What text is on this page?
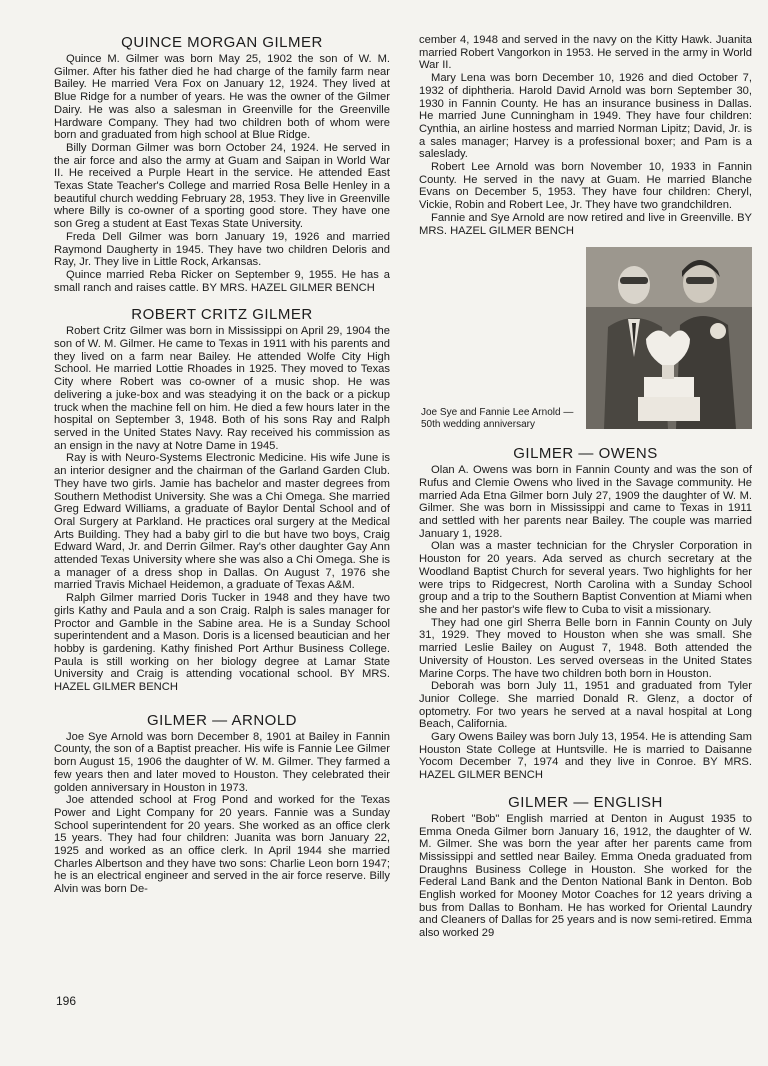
QUINCE MORGAN GILMER

Quince M. Gilmer was born May 25, 1902 the son of W. M. Gilmer. After his father died he had charge of the family farm near Bailey. He married Vera Fox on January 12, 1924. They lived at Blue Ridge for a number of years. He was the owner of the Gilmer Dairy. He was also a salesman in Greenville for the Greenville Hardware Company. They had two children both of whom were born and graduated from high school at Blue Ridge.

Billy Dorman Gilmer was born October 24, 1924. He served in the air force and also the army at Guam and Saipan in World War II. He received a Purple Heart in the service. He attended East Texas State Teacher's College and married Rosa Belle Henley in a beautiful church wedding February 28, 1953. They live in Greenville where Billy is co-owner of a sporting good store. They have one son Greg a student at East Texas State University.

Freda Dell Gilmer was born January 19, 1926 and married Raymond Daugherty in 1945. They have two children Deloris and Ray, Jr. They live in Little Rock, Arkansas.

Quince married Reba Ricker on September 9, 1955. He has a small ranch and raises cattle. BY MRS. HAZEL GILMER BENCH

ROBERT CRITZ GILMER

Robert Critz Gilmer was born in Mississippi on April 29, 1904 the son of W. M. Gilmer. He came to Texas in 1911 with his parents and they lived on a farm near Bailey. He attended Wolfe City High School. He married Lottie Rhoades in 1925. They moved to Texas City where Robert was co-owner of a music shop. He was delivering a juke-box and was steadying it on the back or a pickup truck when the machine fell on him. He died a few hours later in the hospital on September 3, 1948. Both of his sons Ray and Ralph served in the United States Navy. Ray received his commission as an ensign in the navy at Notre Dame in 1945.

Ray is with Neuro-Systems Electronic Medicine. His wife June is an interior designer and the chairman of the Garland Garden Club. They have two girls. Jamie has bachelor and master degrees from Southern Methodist University. She was a Chi Omega. She married Greg Edward Williams, a graduate of Baylor Dental School and of Oral Surgery at Parkland. He practices oral surgery at the Medical Arts Building. They had a baby girl to die but have two boys, Craig Edward Ward, Jr. and Derrin Gilmer. Ray's other daughter Gay Ann attended Texas University where she was also a Chi Omega. She is a manager of a dress shop in Dallas. On August 7, 1976 she married Travis Michael Heidemon, a graduate of Texas A&M.

Ralph Gilmer married Doris Tucker in 1948 and they have two girls Kathy and Paula and a son Craig. Ralph is sales manager for Proctor and Gamble in the Sabine area. He is a Sunday School superintendent and a Mason. Doris is a licensed beautician and her hobby is gardening. Kathy finished Port Arthur Business College. Paula is still working on her biology degree at Lamar State University and Craig is attending vocational school. BY MRS. HAZEL GILMER BENCH

GILMER — ARNOLD

Joe Sye Arnold was born December 8, 1901 at Bailey in Fannin County, the son of a Baptist preacher. His wife is Fannie Lee Gilmer born August 15, 1906 the daughter of W. M. Gilmer. They farmed a few years then and later moved to Houston. They celebrated their golden anniversary in Houston in 1973.

Joe attended school at Frog Pond and worked for the Texas Power and Light Company for 20 years. Fannie was a Sunday School superintendent for 20 years. She worked as an office clerk 15 years. They had four children: Juanita was born January 22, 1925 and worked as an office clerk. In April 1944 she married Charles Albertson and they have two sons: Charlie Leon born 1947; he is an electrical engineer and served in the air force reserve. Billy Alvin was born De-

cember 4, 1948 and served in the navy on the Kitty Hawk. Juanita married Robert Vangorkon in 1953. He served in the army in World War II.

Mary Lena was born December 10, 1926 and died October 7, 1932 of diphtheria. Harold David Arnold was born September 30, 1930 in Fannin County. He has an insurance business in Dallas. He married June Cunningham in 1949. They have four children: Cynthia, an airline hostess and married Norman Lipitz; David, Jr. is a sales manager; Harvey is a professional boxer; and Pam is a saleslady.

Robert Lee Arnold was born November 10, 1933 in Fannin County. He served in the navy at Guam. He married Blanche Evans on December 5, 1953. They have four children: Cheryl, Vickie, Robin and Robert Lee, Jr. They have two grandchildren.

Fannie and Sye Arnold are now retired and live in Greenville. BY MRS. HAZEL GILMER BENCH

Joe Sye and Fannie Lee Arnold — 50th wedding anniversary
GILMER — OWENS

Olan A. Owens was born in Fannin County and was the son of Rufus and Clemie Owens who lived in the Savage community. He married Ada Etna Gilmer born July 27, 1909 the daughter of W. M. Gilmer. She was born in Mississippi and came to Texas in 1911 and settled with her parents near Bailey. The couple was married January 1, 1928.

Olan was a master technician for the Chrysler Corporation in Houston for 20 years. Ada served as church secretary at the Woodland Baptist Church for several years. Two highlights for her were trips to Ridgecrest, North Carolina with a Sunday School group and a trip to the Southern Baptist Convention at Miami when she and her pastor's wife flew to Cuba to visit a missionary.

They had one girl Sherra Belle born in Fannin County on July 31, 1929. They moved to Houston when she was small. She married Leslie Bailey on August 7, 1948. Both attended the University of Houston. Les served overseas in the United States Marine Corps. The have two children both born in Houston.

Deborah was born July 11, 1951 and graduated from Tyler Junior College. She married Donald R. Glenz, a doctor of optometry. For two years he served at a naval hospital at Long Beach, California.

Gary Owens Bailey was born July 13, 1954. He is attending Sam Houston State College at Huntsville. He is married to Daisanne Yocom December 7, 1974 and they live in Conroe. BY MRS. HAZEL GILMER BENCH

GILMER — ENGLISH

Robert "Bob" English married at Denton in August 1935 to Emma Oneda Gilmer born January 16, 1912, the daughter of W. M. Gilmer. She was born the year after her parents came from Mississippi and settled near Bailey. Emma Oneda graduated from Draughns Business College in Houston. She worked for the Federal Land Bank and the Denton National Bank in Denton. Bob English worked for Mooney Motor Coaches for 12 years driving a bus from Dallas to Bonham. He has worked for Oriental Laundry and Cleaners of Dallas for 25 years and is now semi-retired. Emma also worked 29

196
